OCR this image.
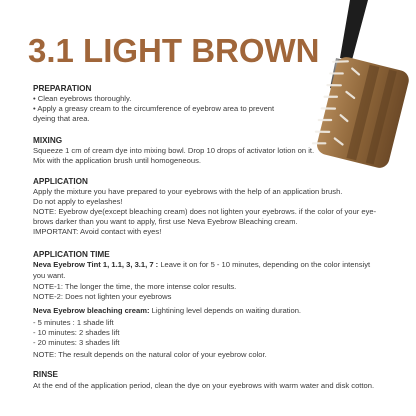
3.1 LIGHT BROWN
PREPARATION
• Clean eyebrows thoroughly.
• Apply a greasy cream to the circumference of eyebrow area to prevent
dyeing that area.
MIXING
Squeeze 1 cm of cream dye into mixing bowl. Drop 10 drops of activator lotion on it.
Mix with the application brush until homogeneous.
APPLICATION
Apply the mixture you have prepared to your eyebrows with the help of an application brush.
Do not apply to eyelashes!
NOTE: Eyebrow dye(except bleaching cream) does not lighten your eyebrows. if the color of your eye-
brows darker than you want to apply, first use Neva Eyebrow Bleaching cream.
IMPORTANT: Avoid contact with eyes!
APPLICATION TIME
Neva Eyebrow Tint 1, 1.1, 3, 3.1, 7 : Leave it on for 5 - 10 minutes, depending on the color intensiyt
you want.
NOTE-1: The longer the time, the more intense color results.
NOTE-2: Does not lighten your eyebrows
Neva Eyebrow bleaching cream: Lightining level depends on waiting duration.
- 5 minutes : 1 shade lift
- 10 minutes: 2 shades lift
- 20 minutes: 3 shades lift
NOTE: The result depends on the natural color of your eyebrow color.
RINSE
At the end of the application period, clean the dye on your eyebrows with warm water and disk cotton.
